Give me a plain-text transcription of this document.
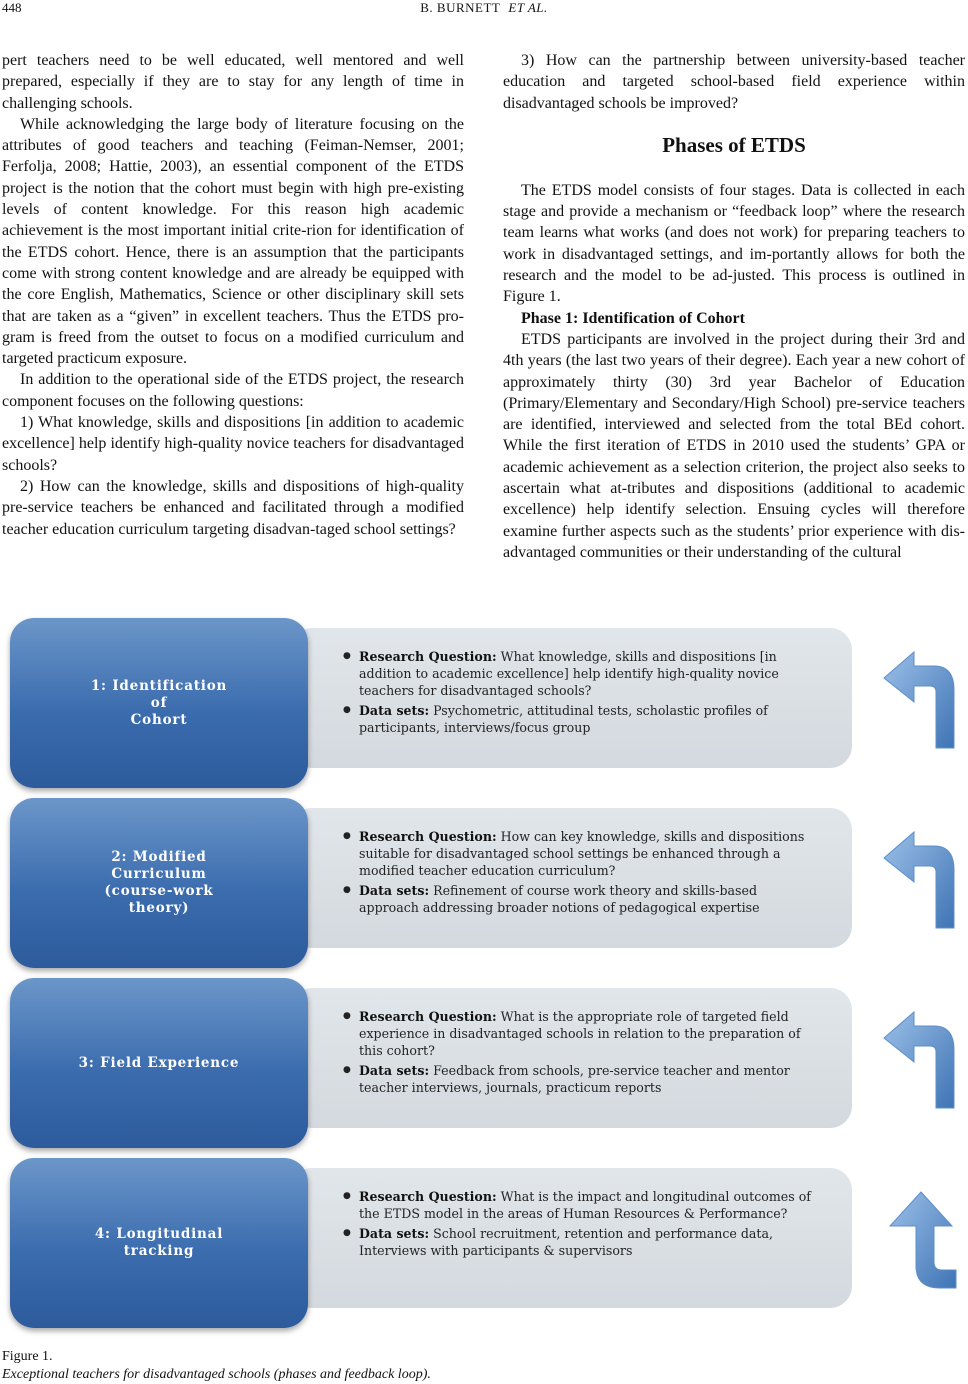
448	B. BURNETT ET AL.

pert teachers need to be well educated, well mentored and well prepared, especially if they are to stay for any length of time in challenging schools.

While acknowledging the large body of literature focusing on the attributes of good teachers and teaching (Feiman-Nemser, 2001; Ferfolja, 2008; Hattie, 2003), an essential component of the ETDS project is the notion that the cohort must begin with high pre-existing levels of content knowledge. For this reason high academic achievement is the most important initial crite-rion for identification of the ETDS cohort. Hence, there is an assumption that the participants come with strong content knowledge and are already be equipped with the core English, Mathematics, Science or other disciplinary skill sets that are taken as a “given” in excellent teachers. Thus the ETDS pro-gram is freed from the outset to focus on a modified curriculum and targeted practicum exposure.

In addition to the operational side of the ETDS project, the research component focuses on the following questions:

1) What knowledge, skills and dispositions [in addition to academic excellence] help identify high-quality novice teachers for disadvantaged schools?

2) How can the knowledge, skills and dispositions of high-quality pre-service teachers be enhanced and facilitated through a modified teacher education curriculum targeting disadvan-taged school settings?

3) How can the partnership between university-based teacher education and targeted school-based field experience within disadvantaged schools be improved?

Phases of ETDS

The ETDS model consists of four stages. Data is collected in each stage and provide a mechanism or “feedback loop” where the research team learns what works (and does not work) for preparing teachers to work in disadvantaged settings, and im-portantly allows for both the research and the model to be ad-justed. This process is outlined in Figure 1.

Phase 1: Identification of Cohort

ETDS participants are involved in the project during their 3rd and 4th years (the last two years of their degree). Each year a new cohort of approximately thirty (30) 3rd year Bachelor of Education (Primary/Elementary and Secondary/High School) pre-service teachers are identified, interviewed and selected from the total BEd cohort. While the first iteration of ETDS in 2010 used the students’ GPA or academic achievement as a selection criterion, the project also seeks to ascertain what at-tributes and dispositions (additional to academic excellence) help identify selection. Ensuing cycles will therefore examine further aspects such as the students’ prior experience with dis-advantaged communities or their understanding of the cultural

1: Identification of
Cohort
● Research Question: What knowledge, skills and dispositions [in addition to academic excellence] help identify high-quality novice teachers for disadvantaged schools?
● Data sets: Psychometric, attitudinal tests, scholastic profiles of participants, interviews/focus group
2: Modified
Curriculum
(course-work
theory)
● Research Question: How can key knowledge, skills and dispositions suitable for disadvantaged school settings be enhanced through a modified teacher education curriculum?
● Data sets: Refinement of course work theory and skills-based approach addressing broader notions of pedagogical expertise
3: Field Experience
● Research Question: What is the appropriate role of targeted field experience in disadvantaged schools in relation to the preparation of this cohort?
● Data sets: Feedback from schools, pre-service teacher and mentor teacher interviews, journals, practicum reports
4: Longitudinal
tracking
● Research Question: What is the impact and longitudinal outcomes of the ETDS model in the areas of Human Resources & Performance?
● Data sets: School recruitment, retention and performance data, Interviews with participants & supervisors
Figure 1.
Exceptional teachers for disadvantaged schools (phases and feedback loop).
